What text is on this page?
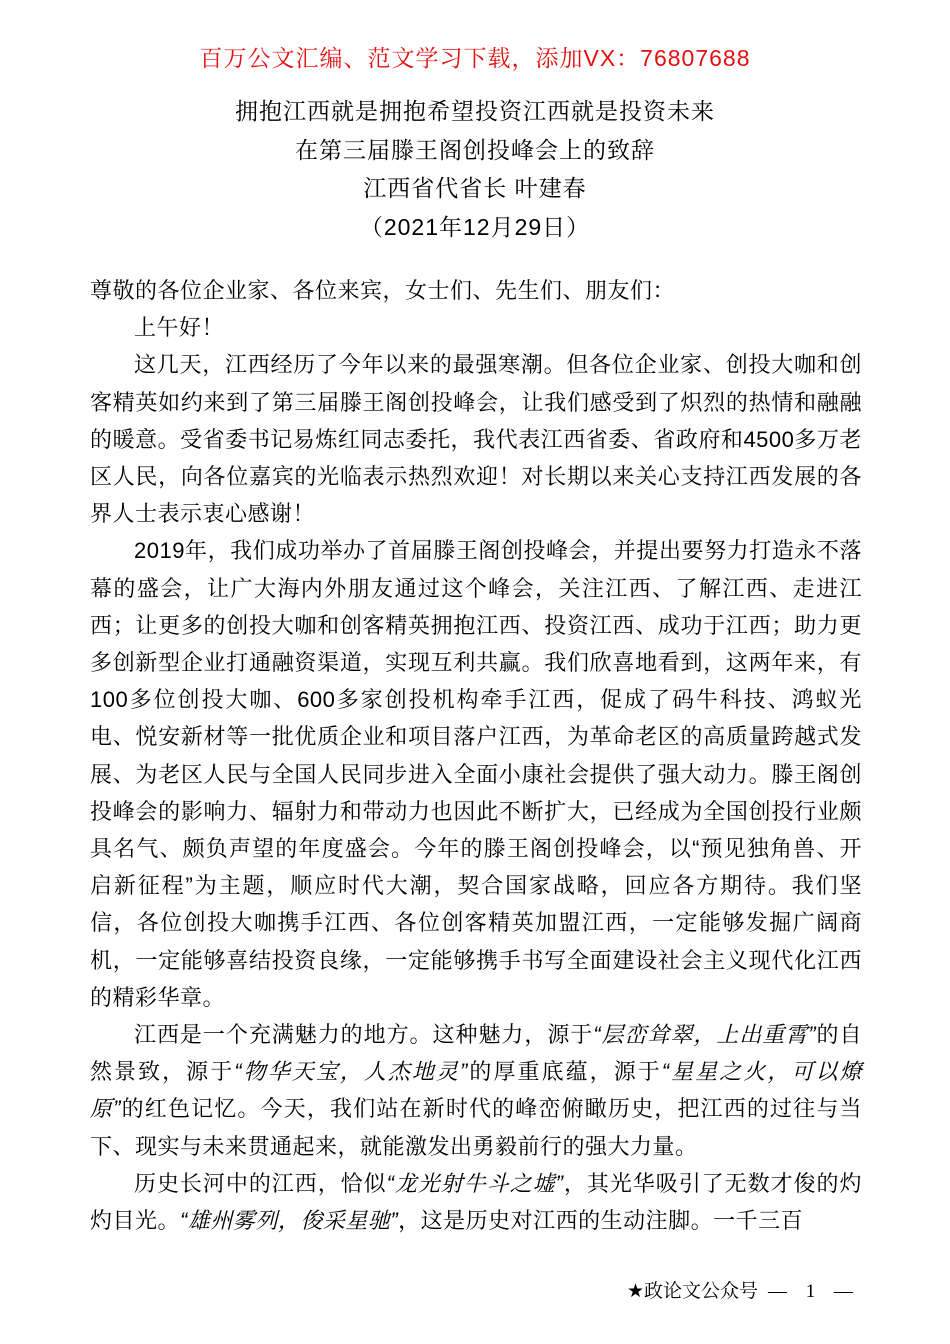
百万公文汇编、范文学习下载，添加VX：76807688
拥抱江西就是拥抱希望投资江西就是投资未来
在第三届滕王阁创投峰会上的致辞
江西省代省长 叶建春
（2021年12月29日）

尊敬的各位企业家、各位来宾，女士们、先生们、朋友们：

上午好！

这几天，江西经历了今年以来的最强寒潮。但各位企业家、创投大咖和创客精英如约来到了第三届滕王阁创投峰会，让我们感受到了炽烈的热情和融融的暖意。受省委书记易炼红同志委托，我代表江西省委、省政府和4500多万老区人民，向各位嘉宾的光临表示热烈欢迎！对长期以来关心支持江西发展的各界人士表示衷心感谢！

2019年，我们成功举办了首届滕王阁创投峰会，并提出要努力打造永不落幕的盛会，让广大海内外朋友通过这个峰会，关注江西、了解江西、走进江西；让更多的创投大咖和创客精英拥抱江西、投资江西、成功于江西；助力更多创新型企业打通融资渠道，实现互利共赢。我们欣喜地看到，这两年来，有100多位创投大咖、600多家创投机构牵手江西，促成了码牛科技、鸿蚁光电、悦安新材等一批优质企业和项目落户江西，为革命老区的高质量跨越式发展、为老区人民与全国人民同步进入全面小康社会提供了强大动力。滕王阁创投峰会的影响力、辐射力和带动力也因此不断扩大，已经成为全国创投行业颇具名气、颇负声望的年度盛会。今年的滕王阁创投峰会，以“预见独角兽、开启新征程”为主题，顺应时代大潮，契合国家战略，回应各方期待。我们坚信，各位创投大咖携手江西、各位创客精英加盟江西，一定能够发掘广阔商机，一定能够喜结投资良缘，一定能够携手书写全面建设社会主义现代化江西的精彩华章。

江西是一个充满魅力的地方。这种魅力，源于“层峦耸翠，上出重霄”的自然景致，源于“物华天宝，人杰地灵”的厚重底蕴，源于“星星之火，可以燎原”的红色记忆。今天，我们站在新时代的峰峦俯瞰历史，把江西的过往与当下、现实与未来贯通起来，就能激发出勇毅前行的强大力量。

历史长河中的江西，恰似“龙光射牛斗之墟”，其光华吸引了无数才俊的灼灼目光。“雄州雾列，俊采星驰”，这是历史对江西的生动注脚。一千三百

★政论文公众号 — 1 —
